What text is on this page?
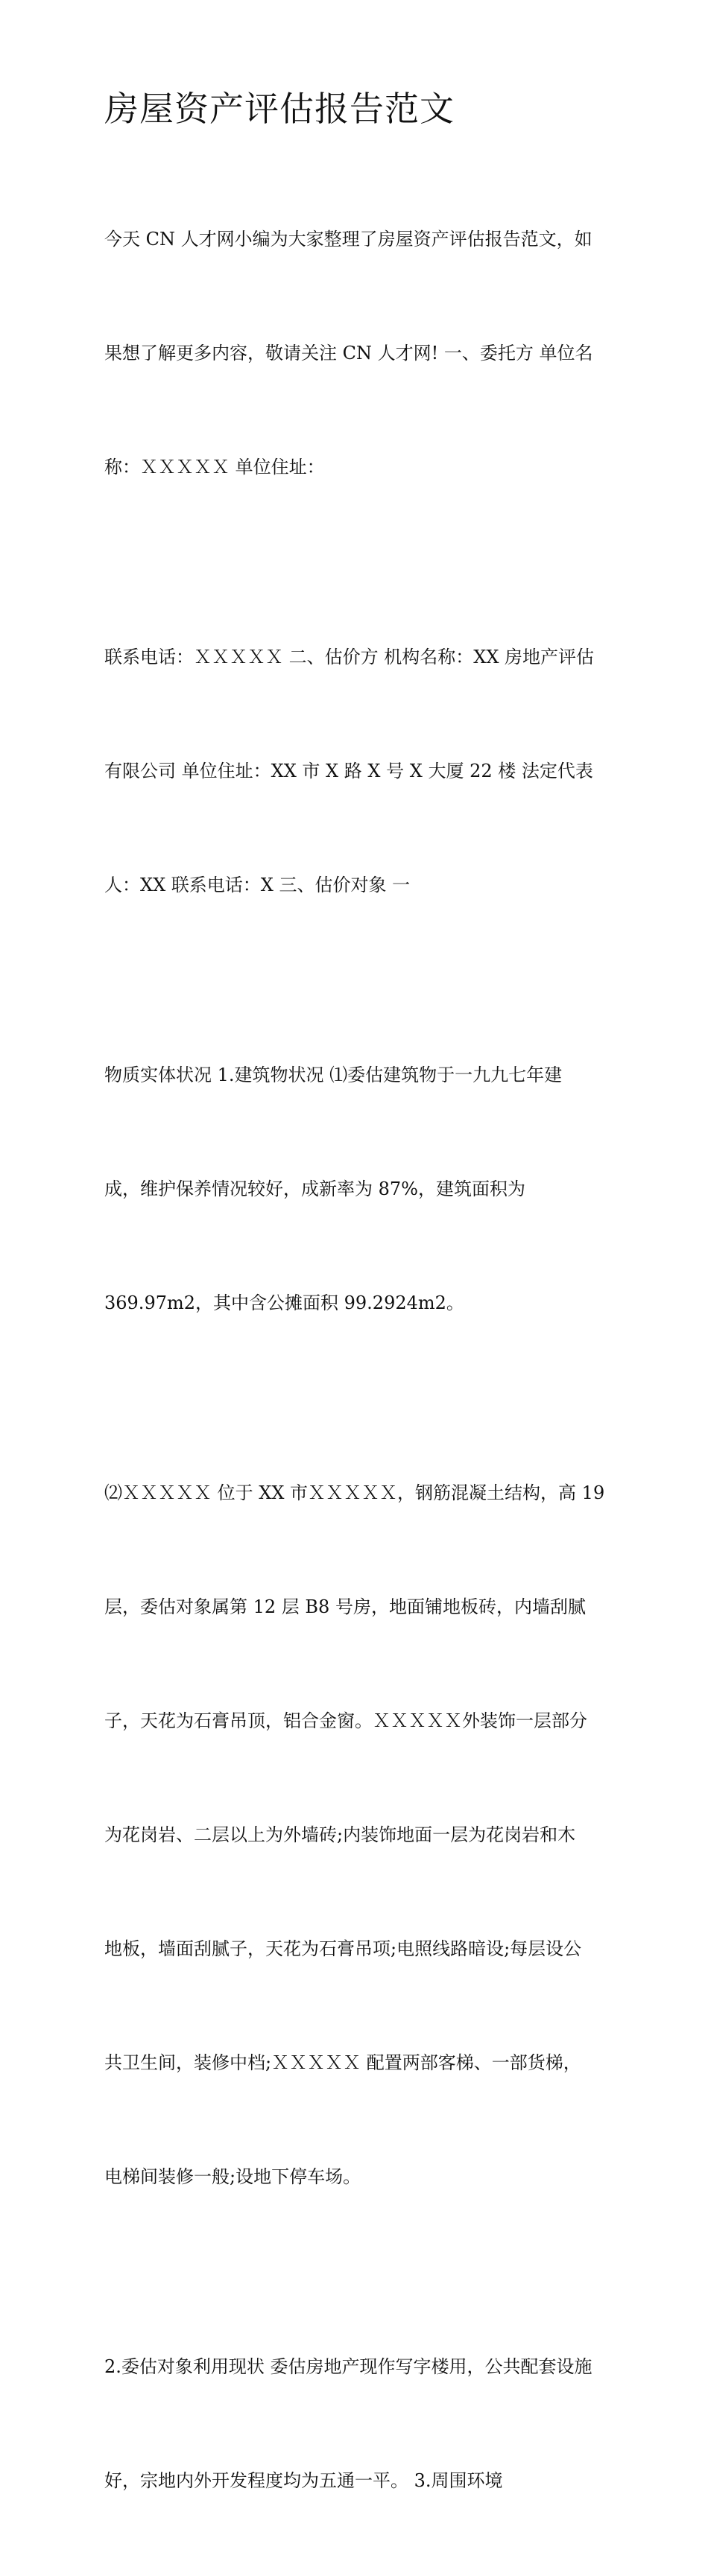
房屋资产评估报告范文

今天 CN 人才网小编为大家整理了房屋资产评估报告范文，如

果想了解更多内容，敬请关注 CN 人才网! 一、委托方 单位名

称：ＸＸＸＸＸ 单位住址：

联系电话：ＸＸＸＸＸ 二、估价方 机构名称：XX 房地产评估

有限公司 单位住址：XX 市 X 路 X 号 X 大厦 22 楼 法定代表

人：XX 联系电话：X 三、估价对象 一

物质实体状况 1.建筑物状况 ⑴委估建筑物于一九九七年建

成，维护保养情况较好，成新率为 87%，建筑面积为

369.97m2，其中含公摊面积 99.2924m2。

⑵ＸＸＸＸＸ 位于 XX 市ＸＸＸＸＸ，钢筋混凝土结构，高 19

层，委估对象属第 12 层 B8 号房，地面铺地板砖，内墙刮腻

子，天花为石膏吊顶，铝合金窗。ＸＸＸＸＸ外装饰一层部分

为花岗岩、二层以上为外墙砖;内装饰地面一层为花岗岩和木

地板，墙面刮腻子，天花为石膏吊项;电照线路暗设;每层设公

共卫生间，装修中档;ＸＸＸＸＸ 配置两部客梯、一部货梯，

电梯间装修一般;设地下停车场。

2.委估对象利用现状 委估房地产现作写字楼用，公共配套设施

好，宗地内外开发程度均为五通一平。 3.周围环境
